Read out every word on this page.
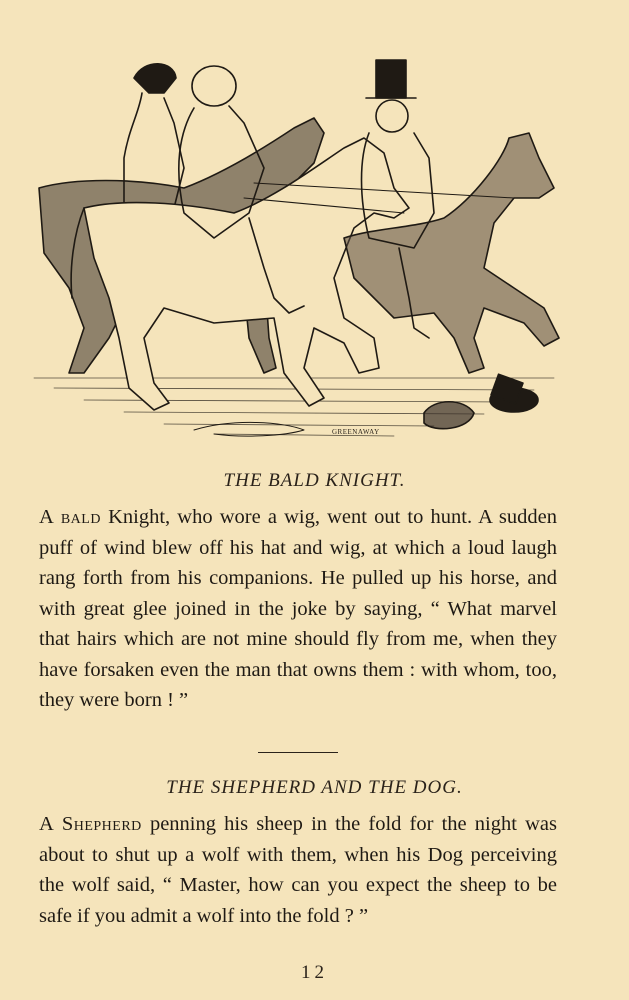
GREENAWAY
THE BALD KNIGHT.

A bald Knight, who wore a wig, went out to hunt. A sudden puff of wind blew off his hat and wig, at which a loud laugh rang forth from his companions. He pulled up his horse, and with great glee joined in the joke by saying, “ What marvel that hairs which are not mine should fly from me, when they have forsaken even the man that owns them : with whom, too, they were born ! ”

THE SHEPHERD AND THE DOG.

A Shepherd penning his sheep in the fold for the night was about to shut up a wolf with them, when his Dog perceiving the wolf said, “ Master, how can you expect the sheep to be safe if you admit a wolf into the fold ? ”

12
